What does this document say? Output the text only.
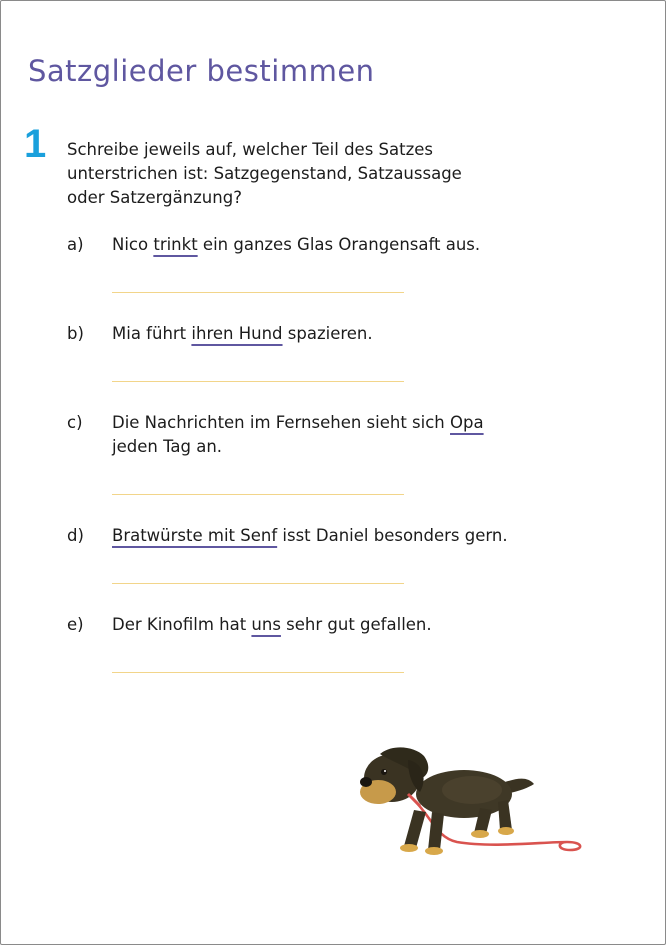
Satzglieder bestimmen
1 Schreibe jeweils auf, welcher Teil des Satzes unterstrichen ist: Satzgegenstand, Satzaussage oder Satzergänzung?
a) Nico trinkt ein ganzes Glas Orangensaft aus.
b) Mia führt ihren Hund spazieren.
c) Die Nachrichten im Fernsehen sieht sich Opa jeden Tag an.
d) Bratwürste mit Senf isst Daniel besonders gern.
e) Der Kinofilm hat uns sehr gut gefallen.
